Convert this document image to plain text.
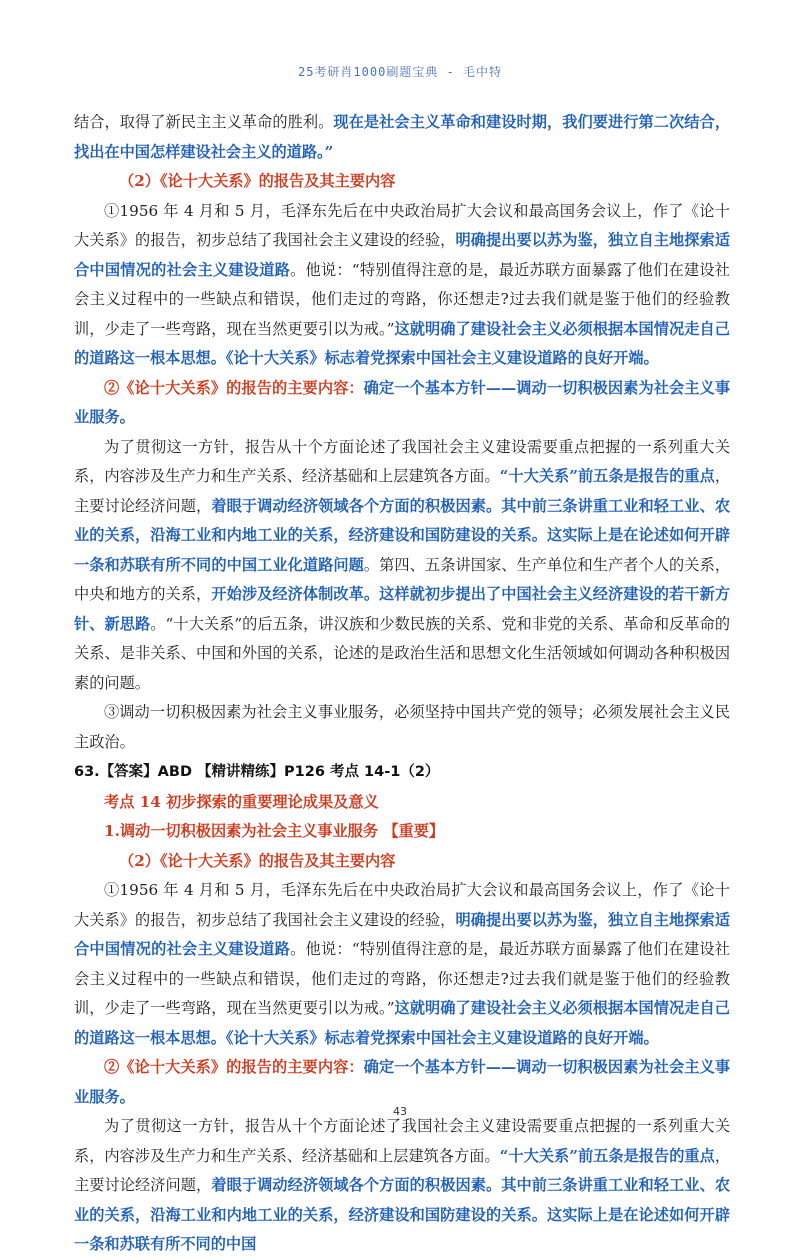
25考研肖1000刷题宝典 - 毛中特

结合，取得了新民主主义革命的胜利。现在是社会主义革命和建设时期，我们要进行第二次结合，找出在中国怎样建设社会主义的道路。”

（2）《论十大关系》的报告及其主要内容

①1956 年 4 月和 5 月，毛泽东先后在中央政治局扩大会议和最高国务会议上，作了《论十大关系》的报告，初步总结了我国社会主义建设的经验，明确提出要以苏为鉴，独立自主地探索适合中国情况的社会主义建设道路。他说：“特别值得注意的是，最近苏联方面暴露了他们在建设社会主义过程中的一些缺点和错误，他们走过的弯路，你还想走?过去我们就是鉴于他们的经验教训，少走了一些弯路，现在当然更要引以为戒。”这就明确了建设社会主义必须根据本国情况走自己的道路这一根本思想。《论十大关系》标志着党探索中国社会主义建设道路的良好开端。

②《论十大关系》的报告的主要内容：确定一个基本方针——调动一切积极因素为社会主义事业服务。

为了贯彻这一方针，报告从十个方面论述了我国社会主义建设需要重点把握的一系列重大关系，内容涉及生产力和生产关系、经济基础和上层建筑各方面。“十大关系”前五条是报告的重点，主要讨论经济问题，着眼于调动经济领域各个方面的积极因素。其中前三条讲重工业和轻工业、农业的关系，沿海工业和内地工业的关系，经济建设和国防建设的关系。这实际上是在论述如何开辟一条和苏联有所不同的中国工业化道路问题。第四、五条讲国家、生产单位和生产者个人的关系，中央和地方的关系，开始涉及经济体制改革。这样就初步提出了中国社会主义经济建设的若干新方针、新思路。“十大关系”的后五条，讲汉族和少数民族的关系、党和非党的关系、革命和反革命的关系、是非关系、中国和外国的关系，论述的是政治生活和思想文化生活领域如何调动各种积极因素的问题。

③调动一切积极因素为社会主义事业服务，必须坚持中国共产党的领导；必须发展社会主义民主政治。

63.【答案】ABD 【精讲精练】P126 考点 14-1（2）

考点 14 初步探索的重要理论成果及意义

1.调动一切积极因素为社会主义事业服务 【重要】

（2）《论十大关系》的报告及其主要内容

①1956 年 4 月和 5 月，毛泽东先后在中央政治局扩大会议和最高国务会议上，作了《论十大关系》的报告，初步总结了我国社会主义建设的经验，明确提出要以苏为鉴，独立自主地探索适合中国情况的社会主义建设道路。他说：“特别值得注意的是，最近苏联方面暴露了他们在建设社会主义过程中的一些缺点和错误，他们走过的弯路，你还想走?过去我们就是鉴于他们的经验教训，少走了一些弯路，现在当然更要引以为戒。”这就明确了建设社会主义必须根据本国情况走自己的道路这一根本思想。《论十大关系》标志着党探索中国社会主义建设道路的良好开端。

②《论十大关系》的报告的主要内容：确定一个基本方针——调动一切积极因素为社会主义事业服务。

为了贯彻这一方针，报告从十个方面论述了我国社会主义建设需要重点把握的一系列重大关系，内容涉及生产力和生产关系、经济基础和上层建筑各方面。“十大关系”前五条是报告的重点，主要讨论经济问题，着眼于调动经济领域各个方面的积极因素。其中前三条讲重工业和轻工业、农业的关系，沿海工业和内地工业的关系，经济建设和国防建设的关系。这实际上是在论述如何开辟一条和苏联有所不同的中国

43
